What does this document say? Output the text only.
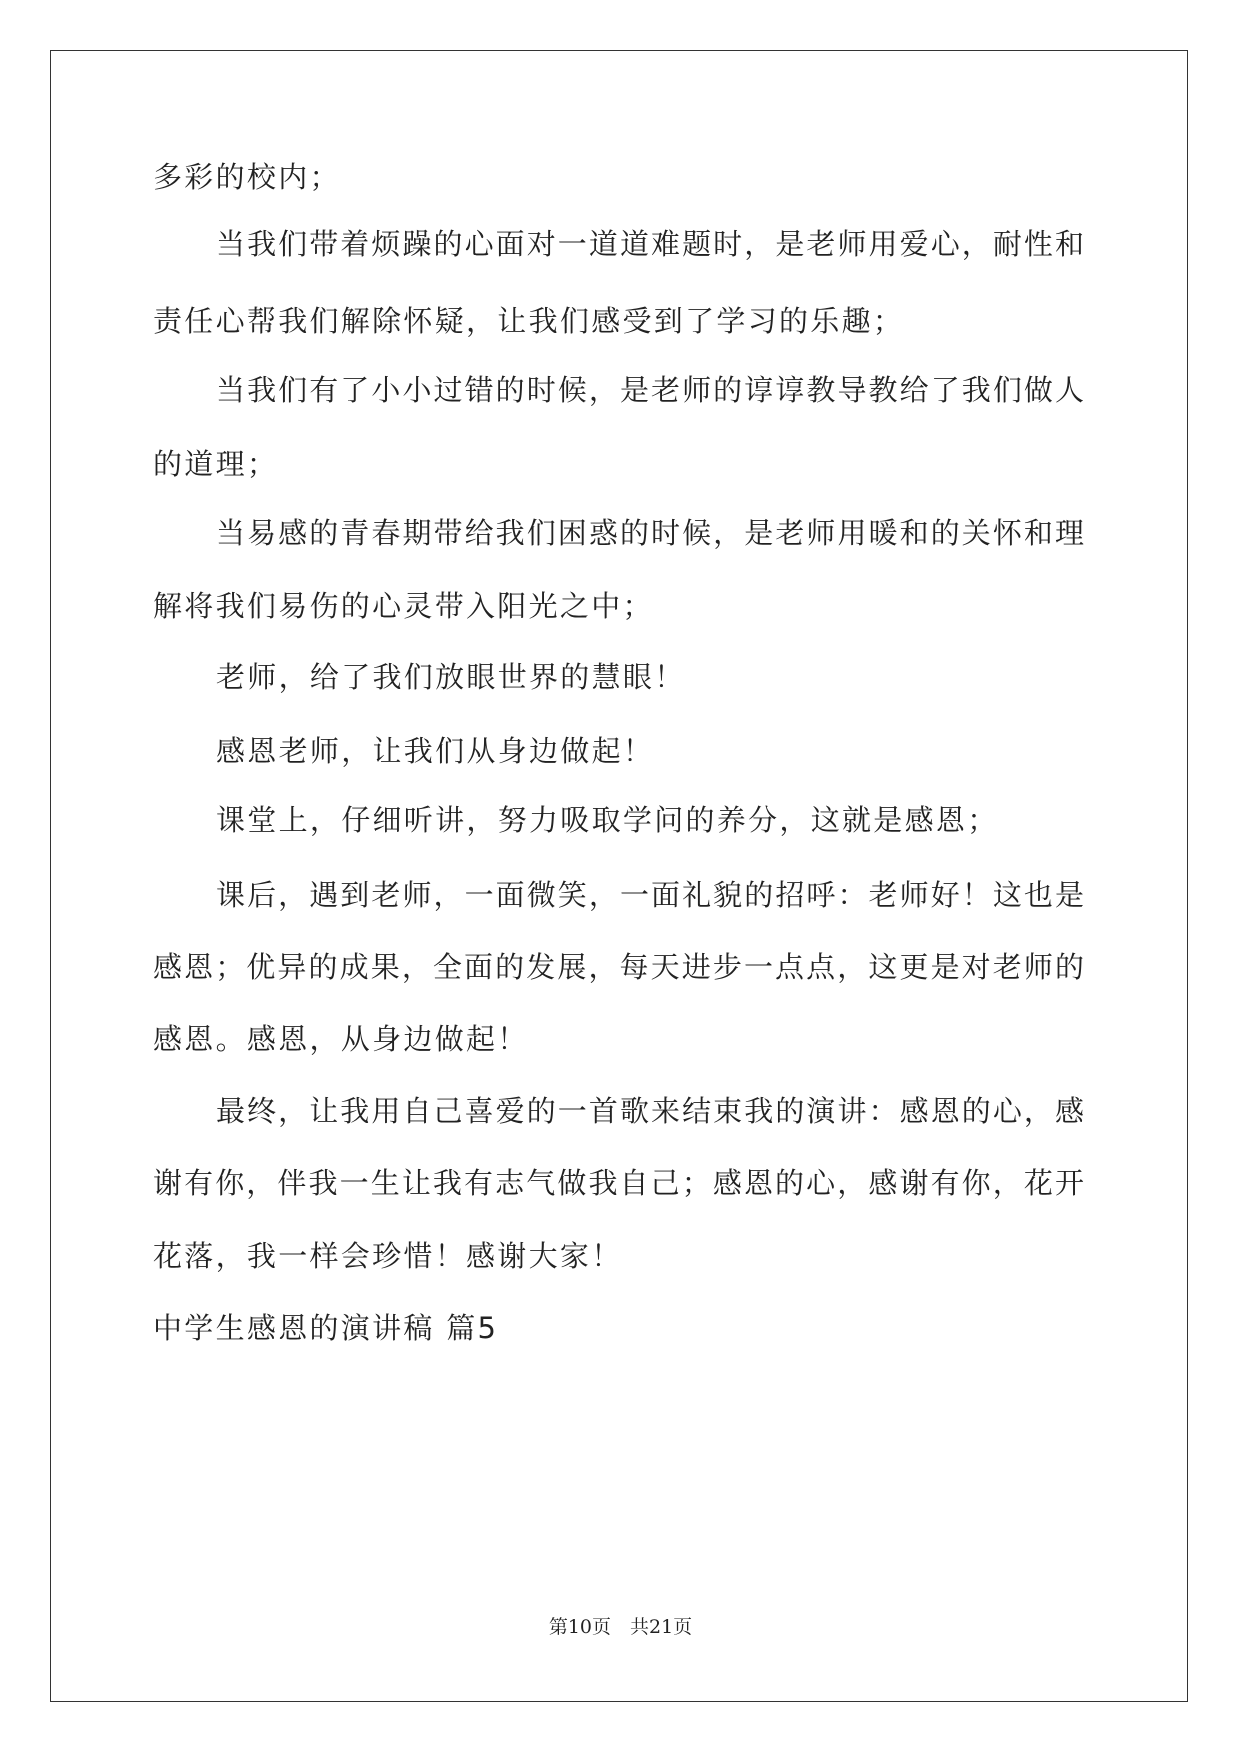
多彩的校内；

当我们带着烦躁的心面对一道道难题时，是老师用爱心，耐性和

责任心帮我们解除怀疑，让我们感受到了学习的乐趣；

当我们有了小小过错的时候，是老师的谆谆教导教给了我们做人

的道理；

当易感的青春期带给我们困惑的时候，是老师用暖和的关怀和理

解将我们易伤的心灵带入阳光之中；

老师，给了我们放眼世界的慧眼！

感恩老师，让我们从身边做起！

课堂上，仔细听讲，努力吸取学问的养分，这就是感恩；

课后，遇到老师，一面微笑，一面礼貌的招呼：老师好！这也是

感恩；优异的成果，全面的发展，每天进步一点点，这更是对老师的

感恩。感恩，从身边做起！

最终，让我用自己喜爱的一首歌来结束我的演讲：感恩的心，感

谢有你，伴我一生让我有志气做我自己；感恩的心，感谢有你，花开

花落，我一样会珍惜！感谢大家！

中学生感恩的演讲稿 篇5

第10页　共21页
